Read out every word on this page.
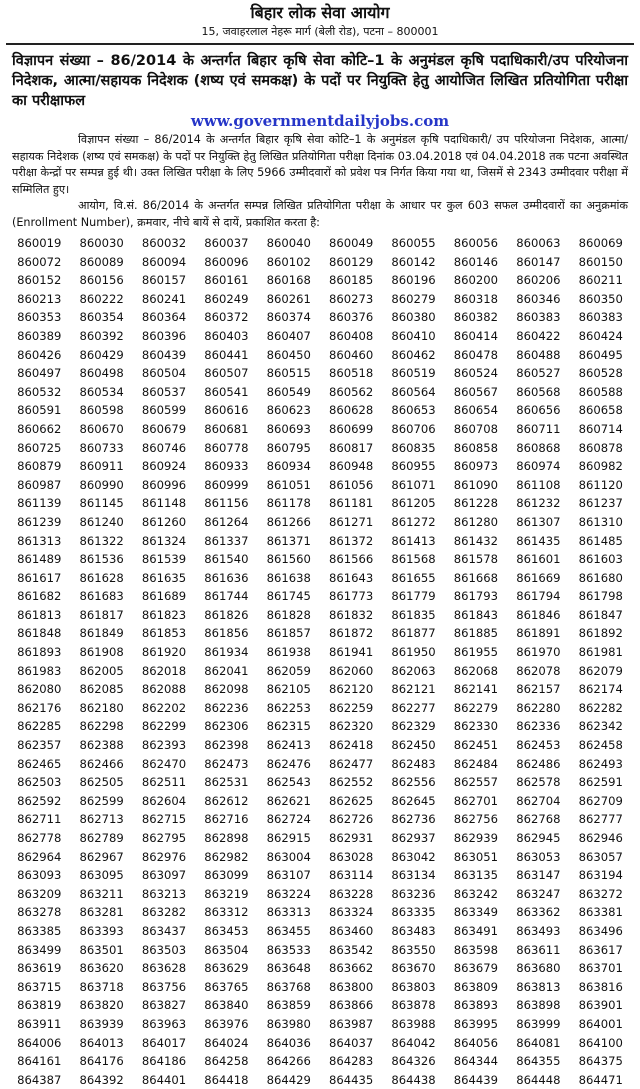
बिहार लोक सेवा आयोग
15, जवाहरलाल नेहरू मार्ग (बेली रोड), पटना – 800001
विज्ञापन संख्या – 86/2014 के अन्तर्गत बिहार कृषि सेवा कोटि–1 के अनुमंडल कृषि पदाधिकारी/उप परियोजना निदेशक, आत्मा/सहायक निदेशक (शष्य एवं समकक्ष) के पदों पर नियुक्ति हेतु आयोजित लिखित प्रतियोगिता परीक्षा का परीक्षाफल
www.governmentdailyjobs.com
विज्ञापन संख्या – 86/2014 के अन्तर्गत बिहार कृषि सेवा कोटि–1 के अनुमंडल कृषि पदाधिकारी/ उप परियोजना निदेशक, आत्मा/सहायक निदेशक (शष्य एवं समकक्ष) के पदों पर नियुक्ति हेतु लिखित प्रतियोगिता परीक्षा दिनांक 03.04.2018 एवं 04.04.2018 तक पटना अवस्थित परीक्षा केन्द्रों पर सम्पन्न हुई थी। उक्त लिखित परीक्षा के लिए 5966 उम्मीदवारों को प्रवेश पत्र निर्गत किया गया था, जिसमें से 2343 उम्मीदवार परीक्षा में सम्मिलित हुए।
आयोग, वि.सं. 86/2014 के अन्तर्गत सम्पन्न लिखित प्रतियोगिता परीक्षा के आधार पर कुल 603 सफल उम्मीदवारों का अनुक्रमांक (Enrollment Number), क्रमवार, नीचे बायें से दायें, प्रकाशित करता है:
860019	860030	860032	860037	860040	860049	860055	860056	860063	860069
860072	860089	860094	860096	860102	860129	860142	860146	860147	860150
860152	860156	860157	860161	860168	860185	860196	860200	860206	860211
860213	860222	860241	860249	860261	860273	860279	860318	860346	860350
860353	860354	860364	860372	860374	860376	860380	860382	860383	860383
860389	860392	860396	860403	860407	860408	860410	860414	860422	860424
860426	860429	860439	860441	860450	860460	860462	860478	860488	860495
860497	860498	860504	860507	860515	860518	860519	860524	860527	860528
860532	860534	860537	860541	860549	860562	860564	860567	860568	860588
860591	860598	860599	860616	860623	860628	860653	860654	860656	860658
860662	860670	860679	860681	860693	860699	860706	860708	860711	860714
860725	860733	860746	860778	860795	860817	860835	860858	860868	860878
860879	860911	860924	860933	860934	860948	860955	860973	860974	860982
860987	860990	860996	860999	861051	861056	861071	861090	861108	861120
861139	861145	861148	861156	861178	861181	861205	861228	861232	861237
861239	861240	861260	861264	861266	861271	861272	861280	861307	861310
861313	861322	861324	861337	861371	861372	861413	861432	861435	861485
861489	861536	861539	861540	861560	861566	861568	861578	861601	861603
861617	861628	861635	861636	861638	861643	861655	861668	861669	861680
861682	861683	861689	861744	861745	861773	861779	861793	861794	861798
861813	861817	861823	861826	861828	861832	861835	861843	861846	861847
861848	861849	861853	861856	861857	861872	861877	861885	861891	861892
861893	861908	861920	861934	861938	861941	861950	861955	861970	861981
861983	862005	862018	862041	862059	862060	862063	862068	862078	862079
862080	862085	862088	862098	862105	862120	862121	862141	862157	862174
862176	862180	862202	862236	862253	862259	862277	862279	862280	862282
862285	862298	862299	862306	862315	862320	862329	862330	862336	862342
862357	862388	862393	862398	862413	862418	862450	862451	862453	862458
862465	862466	862470	862473	862476	862477	862483	862484	862486	862493
862503	862505	862511	862531	862543	862552	862556	862557	862578	862591
862592	862599	862604	862612	862621	862625	862645	862701	862704	862709
862711	862713	862715	862716	862724	862726	862736	862756	862768	862777
862778	862789	862795	862898	862915	862931	862937	862939	862945	862946
862964	862967	862976	862982	863004	863028	863042	863051	863053	863057
863093	863095	863097	863099	863107	863114	863134	863135	863147	863194
863209	863211	863213	863219	863224	863228	863236	863242	863247	863272
863278	863281	863282	863312	863313	863324	863335	863349	863362	863381
863385	863393	863437	863453	863455	863460	863483	863491	863493	863496
863499	863501	863503	863504	863533	863542	863550	863598	863611	863617
863619	863620	863628	863629	863648	863662	863670	863679	863680	863701
863715	863718	863756	863765	863768	863800	863803	863809	863813	863816
863819	863820	863827	863840	863859	863866	863878	863893	863898	863901
863911	863939	863963	863976	863980	863987	863988	863995	863999	864001
864006	864013	864017	864024	864036	864037	864042	864056	864081	864100
864161	864176	864186	864258	864266	864283	864326	864344	864355	864375
864387	864392	864401	864418	864429	864435	864438	864439	864448	864471
